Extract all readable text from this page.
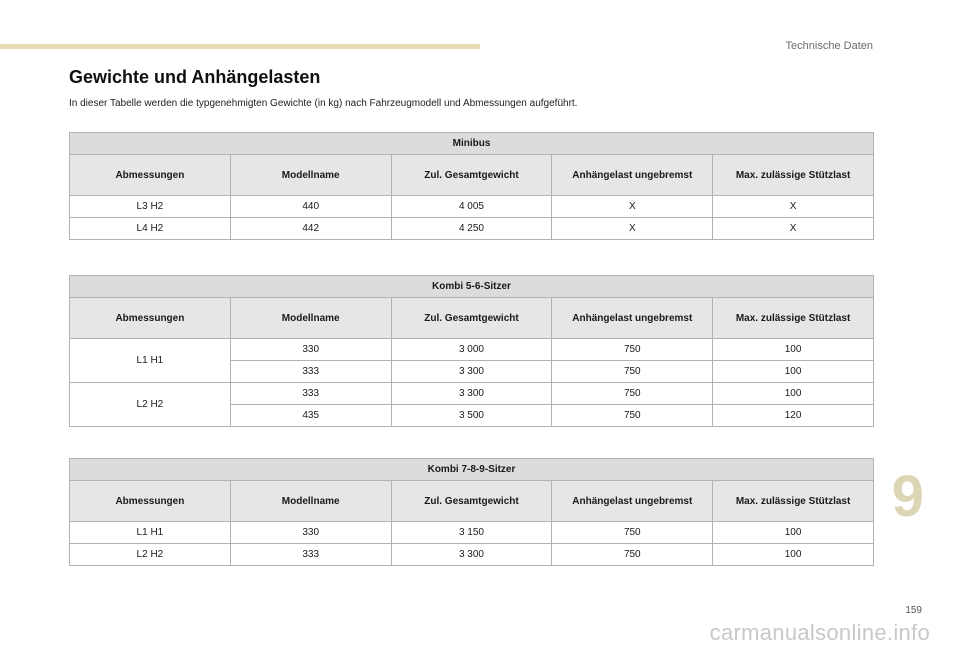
Technische Daten
Gewichte und Anhängelasten
In dieser Tabelle werden die typgenehmigten Gewichte (in kg) nach Fahrzeugmodell und Abmessungen aufgeführt.
Minibus				
Abmessungen	Modellname	Zul. Gesamtgewicht	Anhängelast ungebremst	Max. zulässige Stützlast
L3 H2	440	4 005	X	X
L4 H2	442	4 250	X	X
Kombi 5-6-Sitzer				
Abmessungen	Modellname	Zul. Gesamtgewicht	Anhängelast ungebremst	Max. zulässige Stützlast
L1 H1	330	3 000	750	100
	333	3 300	750	100
L2 H2	333	3 300	750	100
	435	3 500	750	120
Kombi 7-8-9-Sitzer				
Abmessungen	Modellname	Zul. Gesamtgewicht	Anhängelast ungebremst	Max. zulässige Stützlast
L1 H1	330	3 150	750	100
L2 H2	333	3 300	750	100
9
159
carmanualsonline.info
